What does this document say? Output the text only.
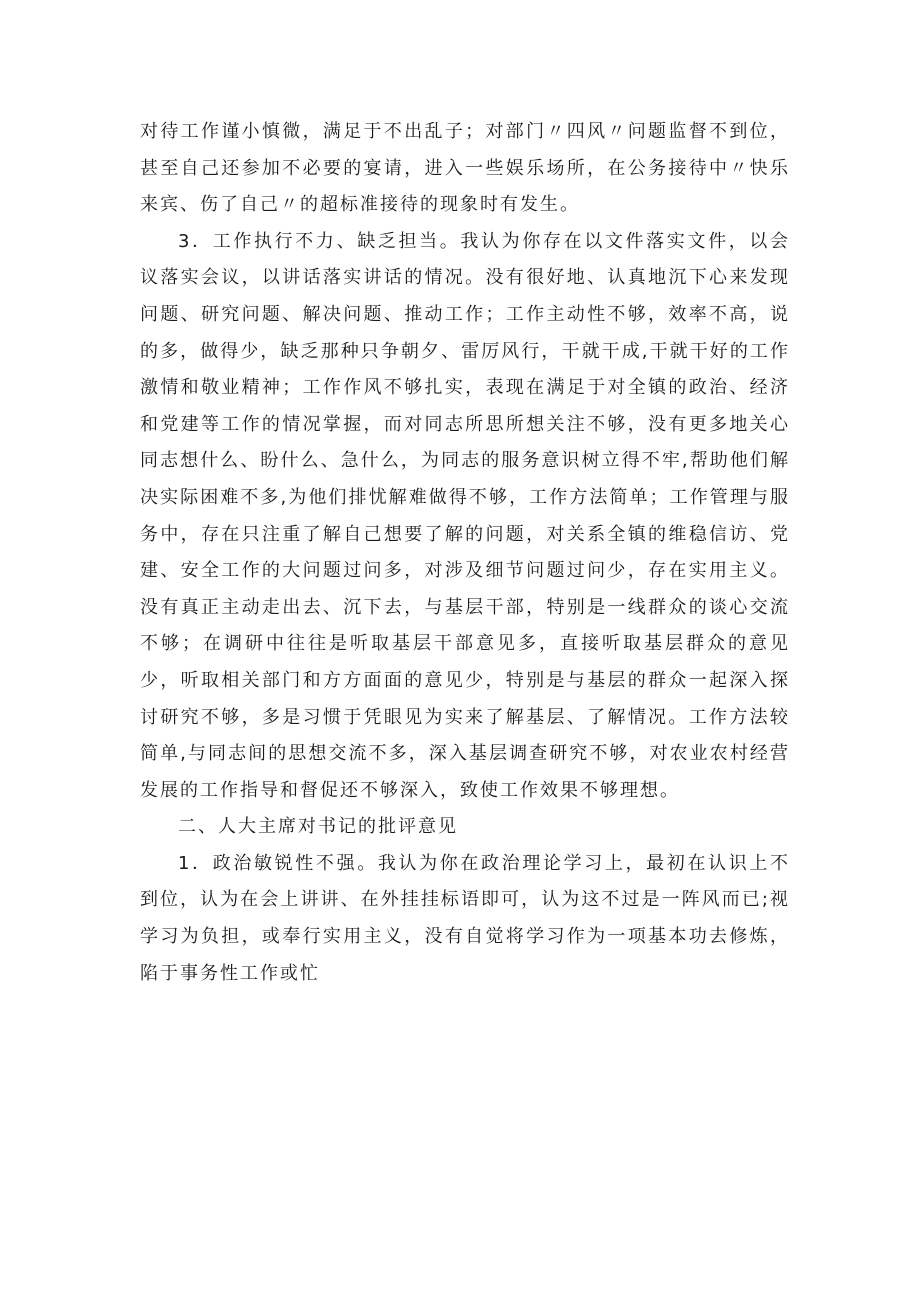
对待工作谨小慎微，满足于不出乱子；对部门〃四风〃问题监督不到位，甚至自己还参加不必要的宴请，进入一些娱乐场所，在公务接待中〃快乐来宾、伤了自己〃的超标准接待的现象时有发生。

3．工作执行不力、缺乏担当。我认为你存在以文件落实文件，以会议落实会议，以讲话落实讲话的情况。没有很好地、认真地沉下心来发现问题、研究问题、解决问题、推动工作；工作主动性不够，效率不高，说的多，做得少，缺乏那种只争朝夕、雷厉风行，干就干成,干就干好的工作激情和敬业精神；工作作风不够扎实，表现在满足于对全镇的政治、经济和党建等工作的情况掌握，而对同志所思所想关注不够，没有更多地关心同志想什么、盼什么、急什么，为同志的服务意识树立得不牢,帮助他们解决实际困难不多,为他们排忧解难做得不够，工作方法简单；工作管理与服务中，存在只注重了解自己想要了解的问题，对关系全镇的维稳信访、党建、安全工作的大问题过问多，对涉及细节问题过问少，存在实用主义。没有真正主动走出去、沉下去，与基层干部，特别是一线群众的谈心交流不够；在调研中往往是听取基层干部意见多，直接听取基层群众的意见少，听取相关部门和方方面面的意见少，特别是与基层的群众一起深入探讨研究不够，多是习惯于凭眼见为实来了解基层、了解情况。工作方法较简单,与同志间的思想交流不多，深入基层调查研究不够，对农业农村经营发展的工作指导和督促还不够深入，致使工作效果不够理想。

二、人大主席对书记的批评意见

1．政治敏锐性不强。我认为你在政治理论学习上，最初在认识上不到位，认为在会上讲讲、在外挂挂标语即可，认为这不过是一阵风而已;视学习为负担，或奉行实用主义，没有自觉将学习作为一项基本功去修炼，陷于事务性工作或忙
